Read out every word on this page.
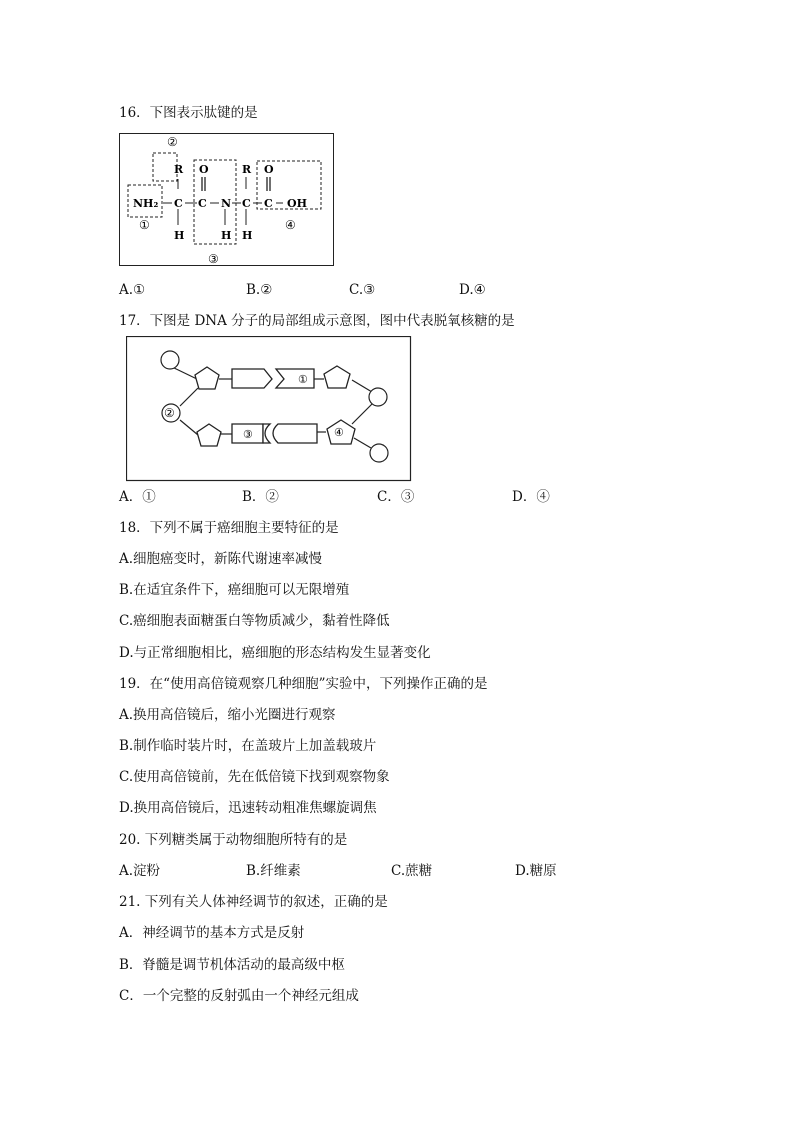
16．下图表示肽键的是
R	R
O	O
NH₂ C C N C C OH
H	H H
①
②
③
④
A.①	B.②	C.③	D.④
17．下图是 DNA 分子的局部组成示意图，图中代表脱氧核糖的是
②
①
③	④
A．①	B．②	C．③	D．④
18．下列不属于癌细胞主要特征的是
A.细胞癌变时，新陈代谢速率减慢
B.在适宜条件下，癌细胞可以无限增殖
C.癌细胞表面糖蛋白等物质减少，黏着性降低
D.与正常细胞相比，癌细胞的形态结构发生显著变化
19．在“使用高倍镜观察几种细胞”实验中，下列操作正确的是
A.换用高倍镜后，缩小光圈进行观察
B.制作临时装片时，在盖玻片上加盖载玻片
C.使用高倍镜前，先在低倍镜下找到观察物象
D.换用高倍镜后，迅速转动粗准焦螺旋调焦
20. 下列糖类属于动物细胞所特有的是
A.淀粉	B.纤维素	C.蔗糖	D.糖原
21. 下列有关人体神经调节的叙述，正确的是
A．神经调节的基本方式是反射
B．脊髓是调节机体活动的最高级中枢
C．一个完整的反射弧由一个神经元组成
